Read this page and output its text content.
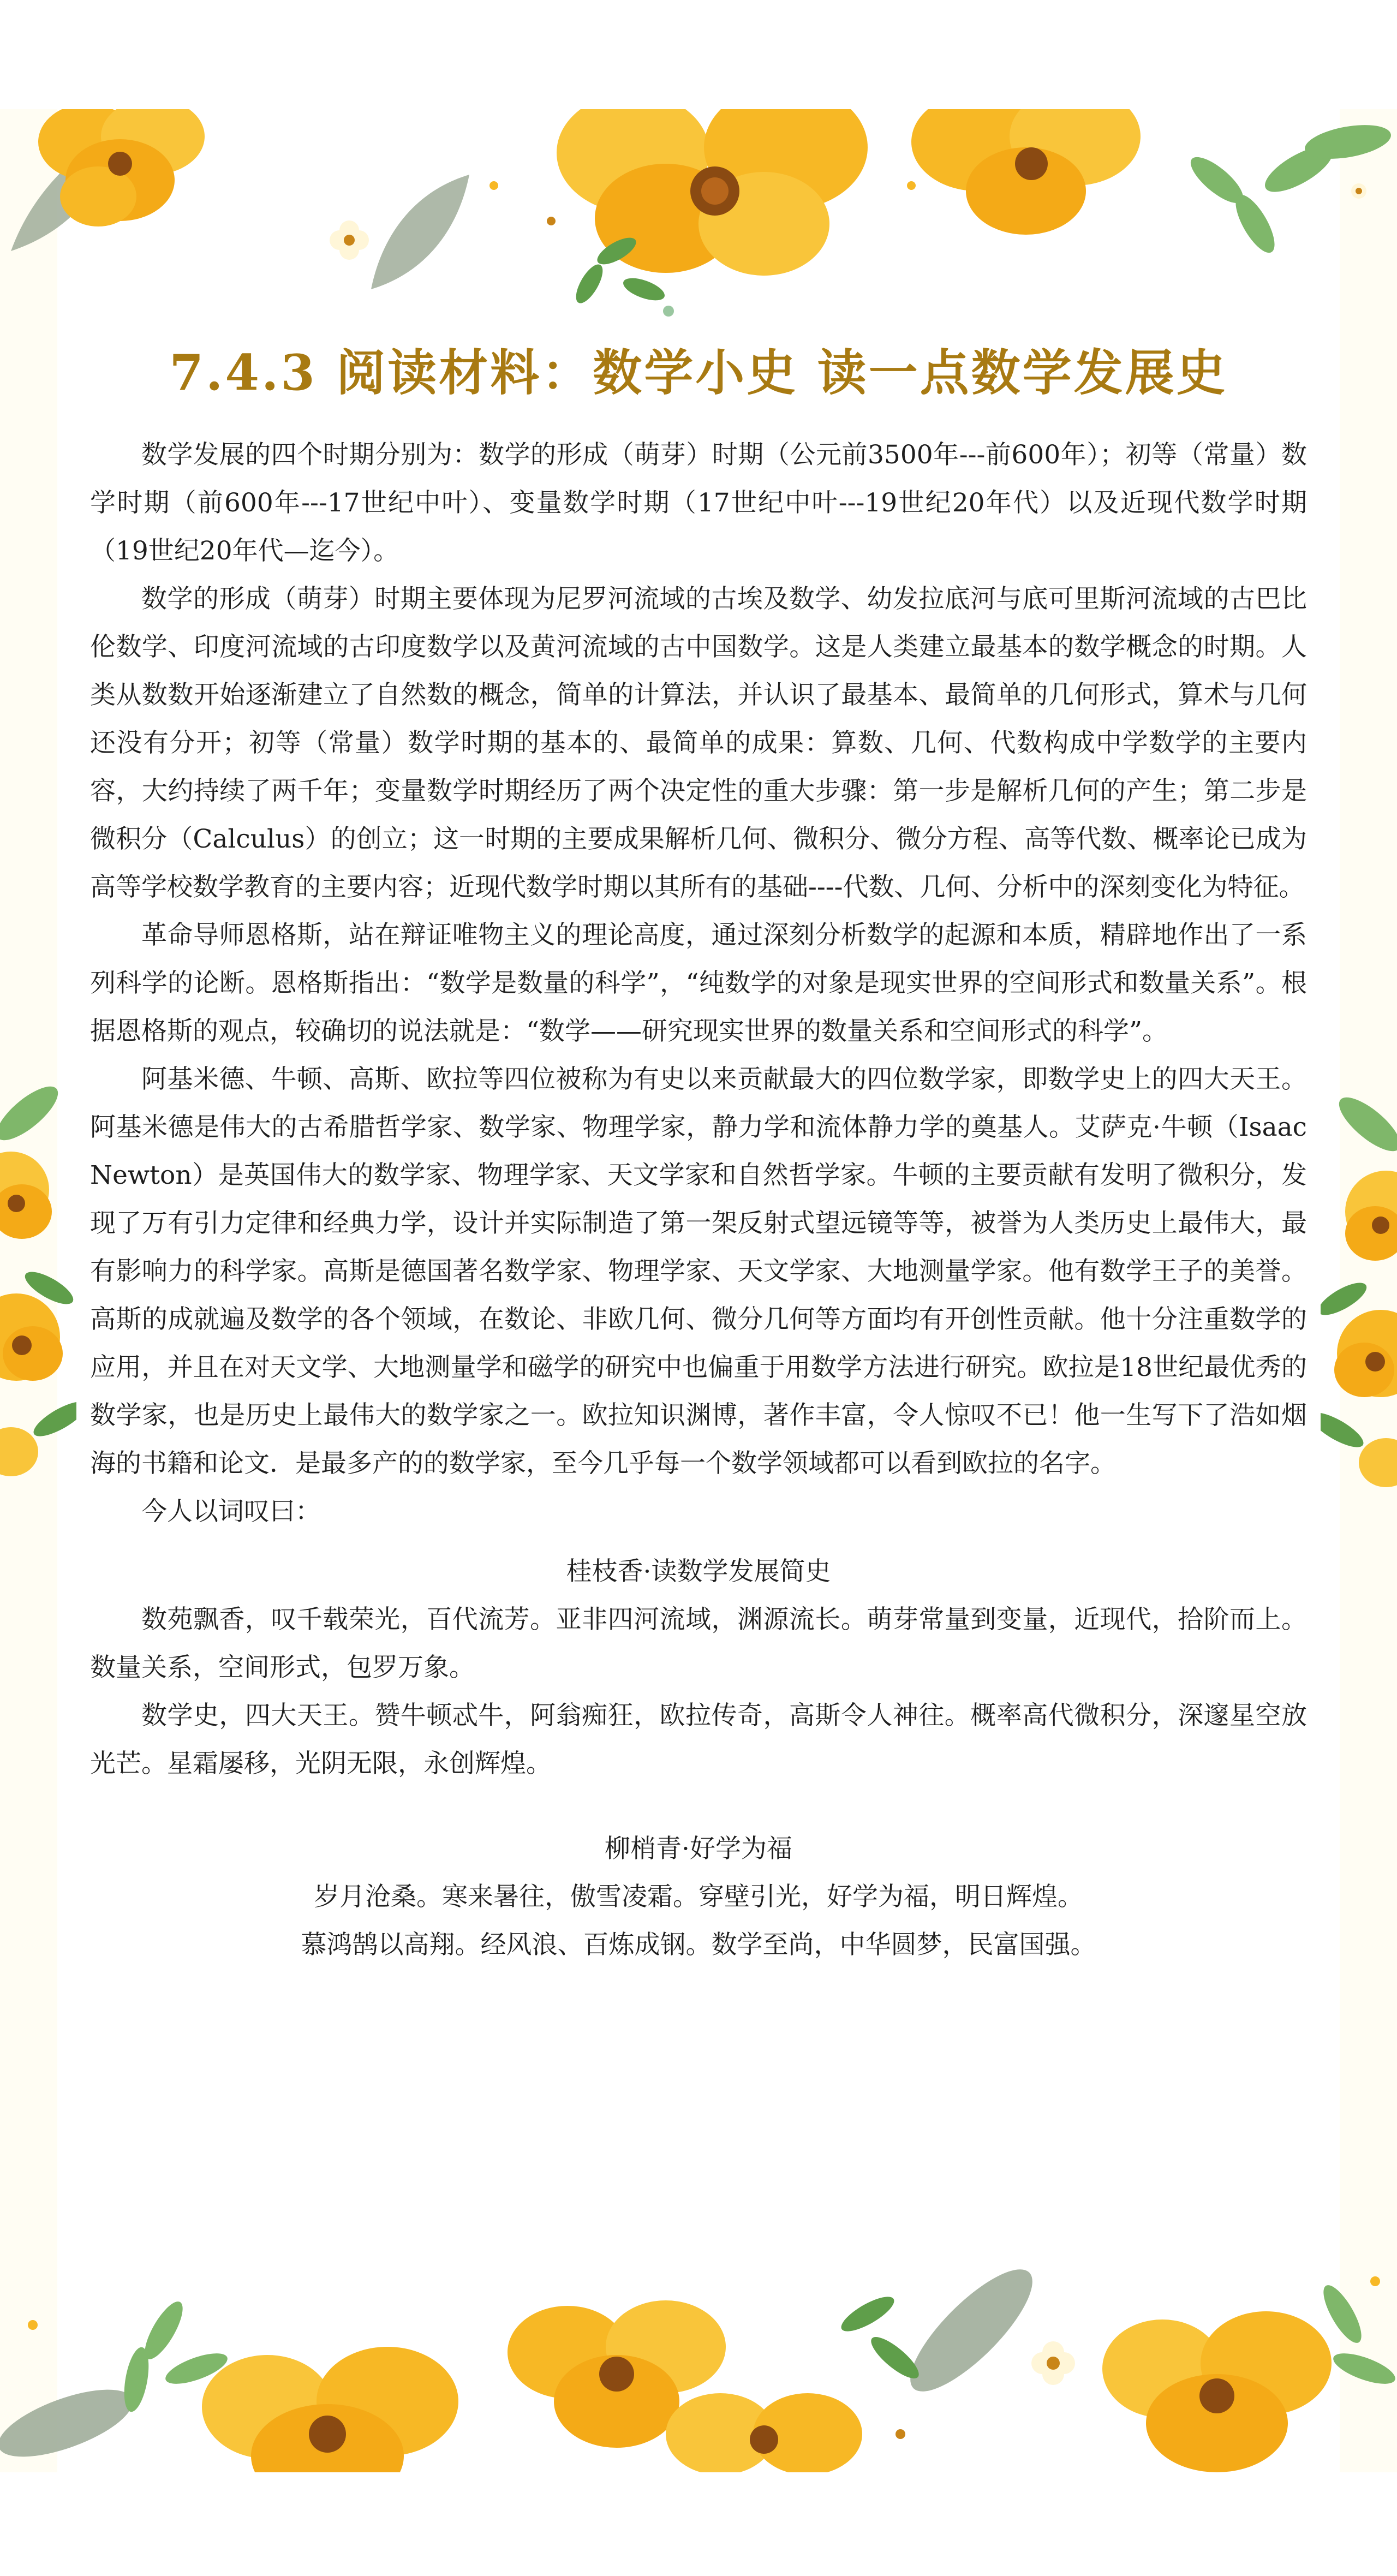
7.4.3 阅读材料：数学小史 读一点数学发展史

数学发展的四个时期分别为：数学的形成（萌芽）时期（公元前3500年---前600年）；初等（常量）数学时期（前600年---17世纪中叶）、变量数学时期（17世纪中叶---19世纪20年代）以及近现代数学时期（19世纪20年代—迄今）。

数学的形成（萌芽）时期主要体现为尼罗河流域的古埃及数学、幼发拉底河与底可里斯河流域的古巴比伦数学、印度河流域的古印度数学以及黄河流域的古中国数学。这是人类建立最基本的数学概念的时期。人类从数数开始逐渐建立了自然数的概念，简单的计算法，并认识了最基本、最简单的几何形式，算术与几何还没有分开；初等（常量）数学时期的基本的、最简单的成果：算数、几何、代数构成中学数学的主要内容，大约持续了两千年；变量数学时期经历了两个决定性的重大步骤：第一步是解析几何的产生；第二步是微积分（Calculus）的创立；这一时期的主要成果解析几何、微积分、微分方程、高等代数、概率论已成为高等学校数学教育的主要内容；近现代数学时期以其所有的基础----代数、几何、分析中的深刻变化为特征。

革命导师恩格斯，站在辩证唯物主义的理论高度，通过深刻分析数学的起源和本质，精辟地作出了一系列科学的论断。恩格斯指出：“数学是数量的科学”，“纯数学的对象是现实世界的空间形式和数量关系”。根据恩格斯的观点，较确切的说法就是：“数学——研究现实世界的数量关系和空间形式的科学”。

阿基米德、牛顿、高斯、欧拉等四位被称为有史以来贡献最大的四位数学家，即数学史上的四大天王。阿基米德是伟大的古希腊哲学家、数学家、物理学家，静力学和流体静力学的奠基人。艾萨克·牛顿（Isaac Newton）是英国伟大的数学家、物理学家、天文学家和自然哲学家。牛顿的主要贡献有发明了微积分，发现了万有引力定律和经典力学，设计并实际制造了第一架反射式望远镜等等，被誉为人类历史上最伟大，最有影响力的科学家。高斯是德国著名数学家、物理学家、天文学家、大地测量学家。他有数学王子的美誉。高斯的成就遍及数学的各个领域，在数论、非欧几何、微分几何等方面均有开创性贡献。他十分注重数学的应用，并且在对天文学、大地测量学和磁学的研究中也偏重于用数学方法进行研究。欧拉是18世纪最优秀的数学家，也是历史上最伟大的数学家之一。欧拉知识渊博，著作丰富，令人惊叹不已！他一生写下了浩如烟海的书籍和论文．是最多产的的数学家，至今几乎每一个数学领域都可以看到欧拉的名字。

今人以词叹曰：

桂枝香·读数学发展简史

数苑飘香，叹千载荣光，百代流芳。亚非四河流域，渊源流长。萌芽常量到变量，近现代，拾阶而上。数量关系，空间形式，包罗万象。

数学史，四大天王。赞牛顿忒牛，阿翁痴狂，欧拉传奇，高斯令人神往。概率高代微积分，深邃星空放光芒。星霜屡移，光阴无限，永创辉煌。

柳梢青·好学为福

岁月沧桑。寒来暑往，傲雪凌霜。穿壁引光，好学为福，明日辉煌。

慕鸿鹄以高翔。经风浪、百炼成钢。数学至尚，中华圆梦，民富国强。
